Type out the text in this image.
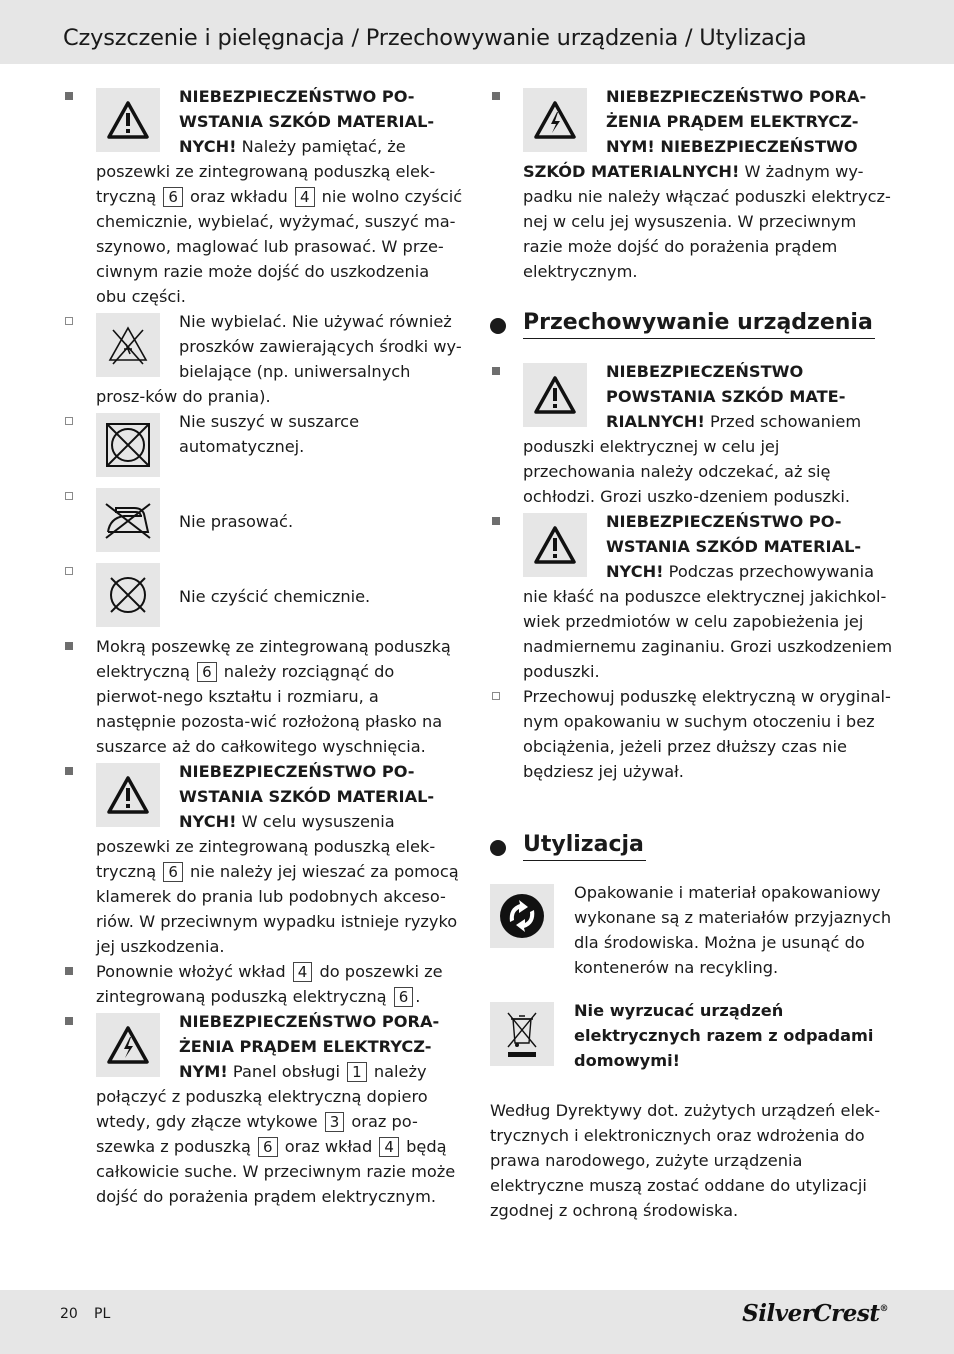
Czyszczenie i pielęgnacja / Przechowywanie urządzenia / Utylizacja
NIEBEZPIECZEŃSTWO PO-WSTANIA SZKÓD MATERIAL-NYCH! Należy pamiętać, że poszewki ze zintegrowaną poduszką elek-tryczną 6 oraz wkładu 4 nie wolno czyścić chemicznie, wybielać, wyżymać, suszyć ma-szynowo, maglować lub prasować. W prze-ciwnym razie może dojść do uszkodzenia obu części.
Nie wybielać. Nie używać również proszków zawierających środki wy-bielające (np. uniwersalnych prosz-ków do prania).
Nie suszyć w suszarce automatycznej.
Nie prasować.
Nie czyścić chemicznie.
Mokrą poszewkę ze zintegrowaną poduszką elektryczną 6 należy rozciągnąć do pierwot-nego kształtu i rozmiaru, a następnie pozosta-wić rozłożoną płasko na suszarce aż do całkowitego wyschnięcia.
NIEBEZPIECZEŃSTWO PO-WSTANIA SZKÓD MATERIAL-NYCH! W celu wysuszenia poszewki ze zintegrowaną poduszką elek-tryczną 6 nie należy jej wieszać za pomocą klamerek do prania lub podobnych akceso-riów. W przeciwnym wypadku istnieje ryzyko jej uszkodzenia.
Ponownie włożyć wkład 4 do poszewki ze zintegrowaną poduszką elektryczną 6 .
NIEBEZPIECZEŃSTWO PORA-ŻENIA PRĄDEM ELEKTRYCZ-NYM! Panel obsługi 1 należy połączyć z poduszką elektryczną dopiero wtedy, gdy złącze wtykowe 3 oraz po-szewka z poduszką 6 oraz wkład 4 będą całkowicie suche. W przeciwnym razie może dojść do porażenia prądem elektrycznym.
NIEBEZPIECZEŃSTWO PORA-ŻENIA PRĄDEM ELEKTRYCZ-NYM! NIEBEZPIECZEŃSTWO SZKÓD MATERIALNYCH! W żadnym wy-padku nie należy włączać poduszki elektrycz-nej w celu jej wysuszenia. W przeciwnym razie może dojść do porażenia prądem elektrycznym.
Przechowywanie urządzenia
NIEBEZPIECZEŃSTWO POWSTANIA SZKÓD MATE-RIALNYCH! Przed schowaniem poduszki elektrycznej w celu jej przechowania należy odczekać, aż się ochłodzi. Grozi uszko-dzeniem poduszki.
NIEBEZPIECZEŃSTWO PO-WSTANIA SZKÓD MATERIAL-NYCH! Podczas przechowywania nie kłaść na poduszce elektrycznej jakichkol-wiek przedmiotów w celu zapobieżenia jej nadmiernemu zaginaniu. Grozi uszkodzeniem poduszki.
Przechowuj poduszkę elektryczną w oryginal-nym opakowaniu w suchym otoczeniu i bez obciążenia, jeżeli przez dłuższy czas nie będziesz jej używał.
Utylizacja
Opakowanie i materiał opakowaniowy wykonane są z materiałów przyjaznych dla środowiska. Można je usunąć do kontenerów na recykling.
Nie wyrzucać urządzeń elektrycznych razem z odpadami domowymi!
Według Dyrektywy dot. zużytych urządzeń elek-trycznych i elektronicznych oraz wdrożenia do prawa narodowego, zużyte urządzenia elektryczne muszą zostać oddane do utylizacji zgodnej z ochroną środowiska.
20 PL	SilverCrest®
